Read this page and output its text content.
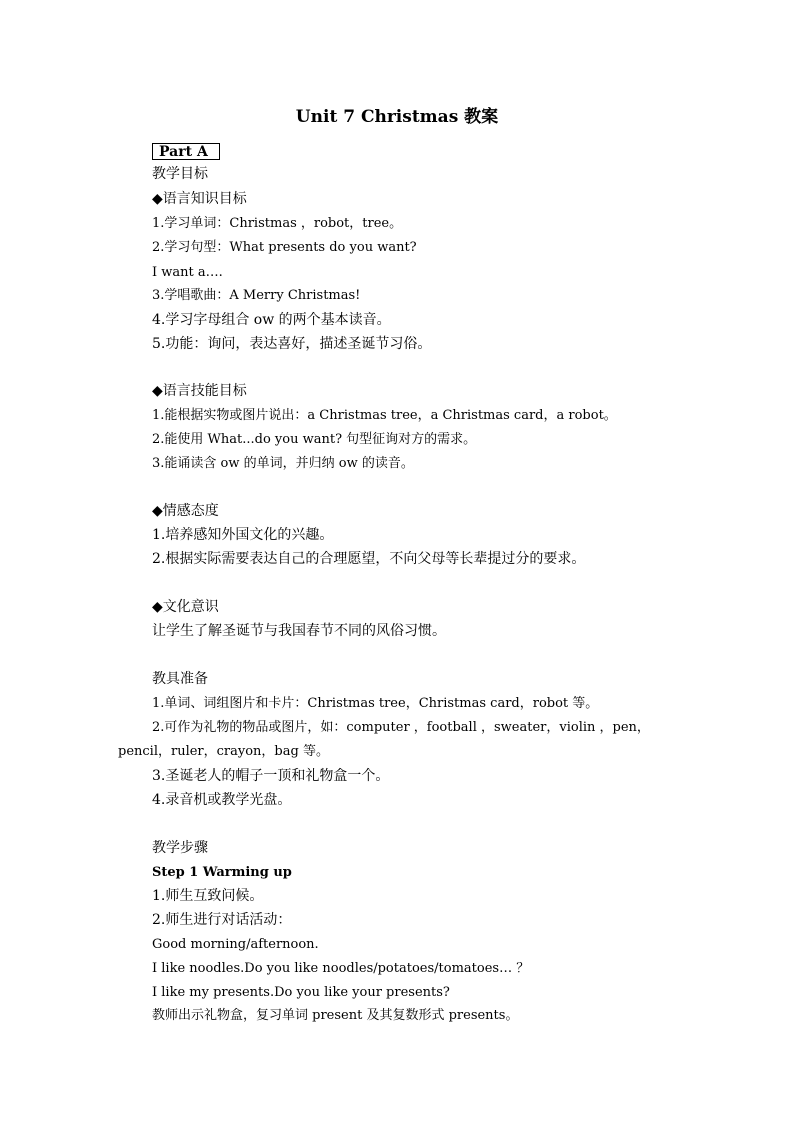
Unit 7 Christmas 教案
Part A
教学目标
◆语言知识目标
1.学习单词：Christmas ，robot，tree。
2.学习句型：What presents do you want?
I want a….
3.学唱歌曲：A Merry Christmas!
4.学习字母组合 ow 的两个基本读音。
5.功能：询问，表达喜好，描述圣诞节习俗。
◆语言技能目标
1.能根据实物或图片说出：a Christmas tree，a Christmas card，a robot。
2.能使用 What...do you want? 句型征询对方的需求。
3.能诵读含 ow 的单词，并归纳 ow 的读音。
◆情感态度
1.培养感知外国文化的兴趣。
2.根据实际需要表达自己的合理愿望，不向父母等长辈提过分的要求。
◆文化意识
让学生了解圣诞节与我国春节不同的风俗习惯。
教具准备
1.单词、词组图片和卡片：Christmas tree，Christmas card，robot 等。
2.可作为礼物的物品或图片，如：computer ，football ，sweater，violin ，pen，
pencil，ruler，crayon，bag 等。
3.圣诞老人的帽子一顶和礼物盒一个。
4.录音机或教学光盘。
教学步骤
Step 1 Warming up
1.师生互致问候。
2.师生进行对话活动：
Good morning/afternoon.
I like noodles.Do you like noodles/potatoes/tomatoes… ？
I like my presents.Do you like your presents?
教师出示礼物盒，复习单词 present 及其复数形式 presents。
